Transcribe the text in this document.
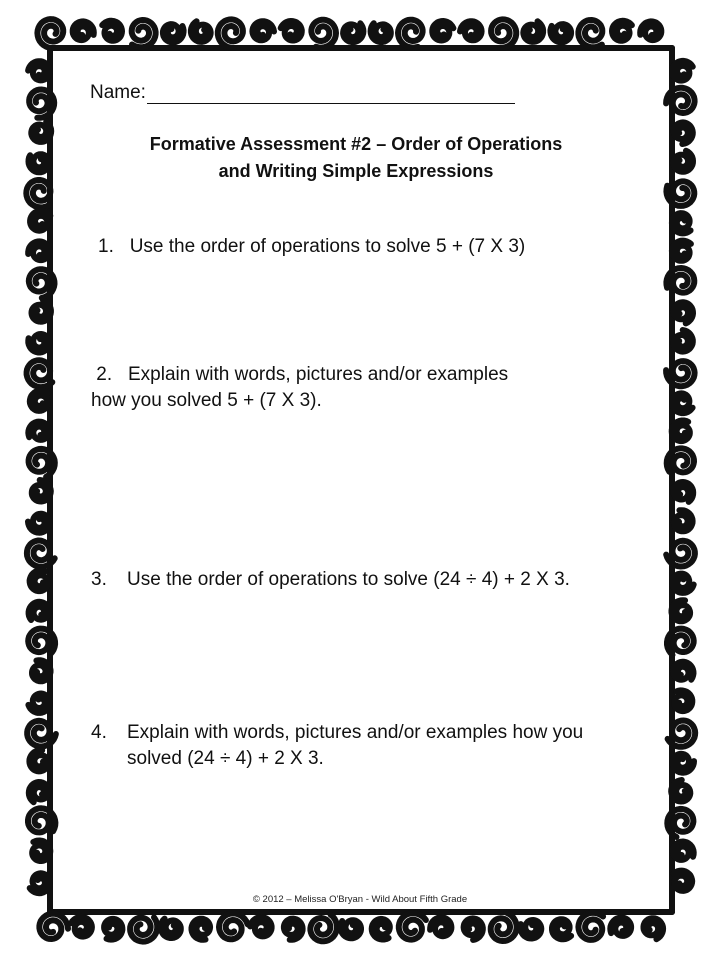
Name:
Formative Assessment #2 – Order of Operations
and Writing Simple Expressions
1. Use the order of operations to solve 5 + (7 X 3)
2. Explain with words, pictures and/or examples
how you solved 5 + (7 X 3).
3.	Use the order of operations to solve (24 ÷ 4) + 2 X 3.
4.	Explain with words, pictures and/or examples how you solved (24 ÷ 4) + 2 X 3.
© 2012 – Melissa O'Bryan - Wild About Fifth Grade
